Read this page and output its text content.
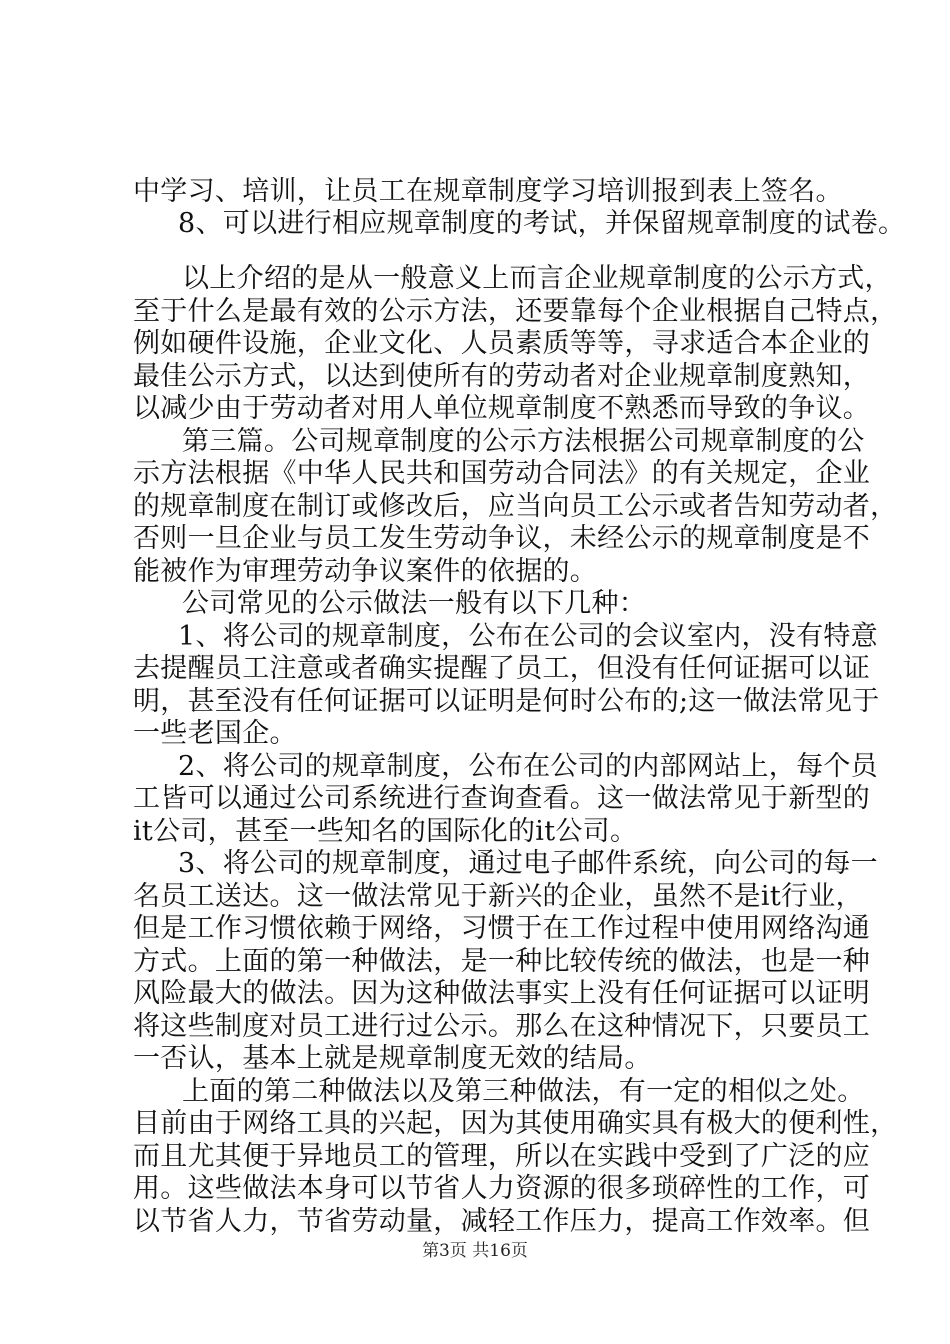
中学习、培训，让员工在规章制度学习培训报到表上签名。
8、可以进行相应规章制度的考试，并保留规章制度的试卷。
以上介绍的是从一般意义上而言企业规章制度的公示方式，
至于什么是最有效的公示方法，还要靠每个企业根据自己特点，
例如硬件设施，企业文化、人员素质等等，寻求适合本企业的
最佳公示方式，以达到使所有的劳动者对企业规章制度熟知，
以减少由于劳动者对用人单位规章制度不熟悉而导致的争议。
第三篇。公司规章制度的公示方法根据公司规章制度的公
示方法根据《中华人民共和国劳动合同法》的有关规定，企业
的规章制度在制订或修改后，应当向员工公示或者告知劳动者，
否则一旦企业与员工发生劳动争议，未经公示的规章制度是不
能被作为审理劳动争议案件的依据的。
公司常见的公示做法一般有以下几种：
1、将公司的规章制度，公布在公司的会议室内，没有特意
去提醒员工注意或者确实提醒了员工，但没有任何证据可以证
明，甚至没有任何证据可以证明是何时公布的;这一做法常见于
一些老国企。
2、将公司的规章制度，公布在公司的内部网站上，每个员
工皆可以通过公司系统进行查询查看。这一做法常见于新型的
it公司，甚至一些知名的国际化的it公司。
3、将公司的规章制度，通过电子邮件系统，向公司的每一
名员工送达。这一做法常见于新兴的企业，虽然不是it行业，
但是工作习惯依赖于网络，习惯于在工作过程中使用网络沟通
方式。上面的第一种做法，是一种比较传统的做法，也是一种
风险最大的做法。因为这种做法事实上没有任何证据可以证明
将这些制度对员工进行过公示。那么在这种情况下，只要员工
一否认，基本上就是规章制度无效的结局。
上面的第二种做法以及第三种做法，有一定的相似之处。
目前由于网络工具的兴起，因为其使用确实具有极大的便利性，
而且尤其便于异地员工的管理，所以在实践中受到了广泛的应
用。这些做法本身可以节省人力资源的很多琐碎性的工作，可
以节省人力，节省劳动量，减轻工作压力，提高工作效率。但
第3页 共16页
